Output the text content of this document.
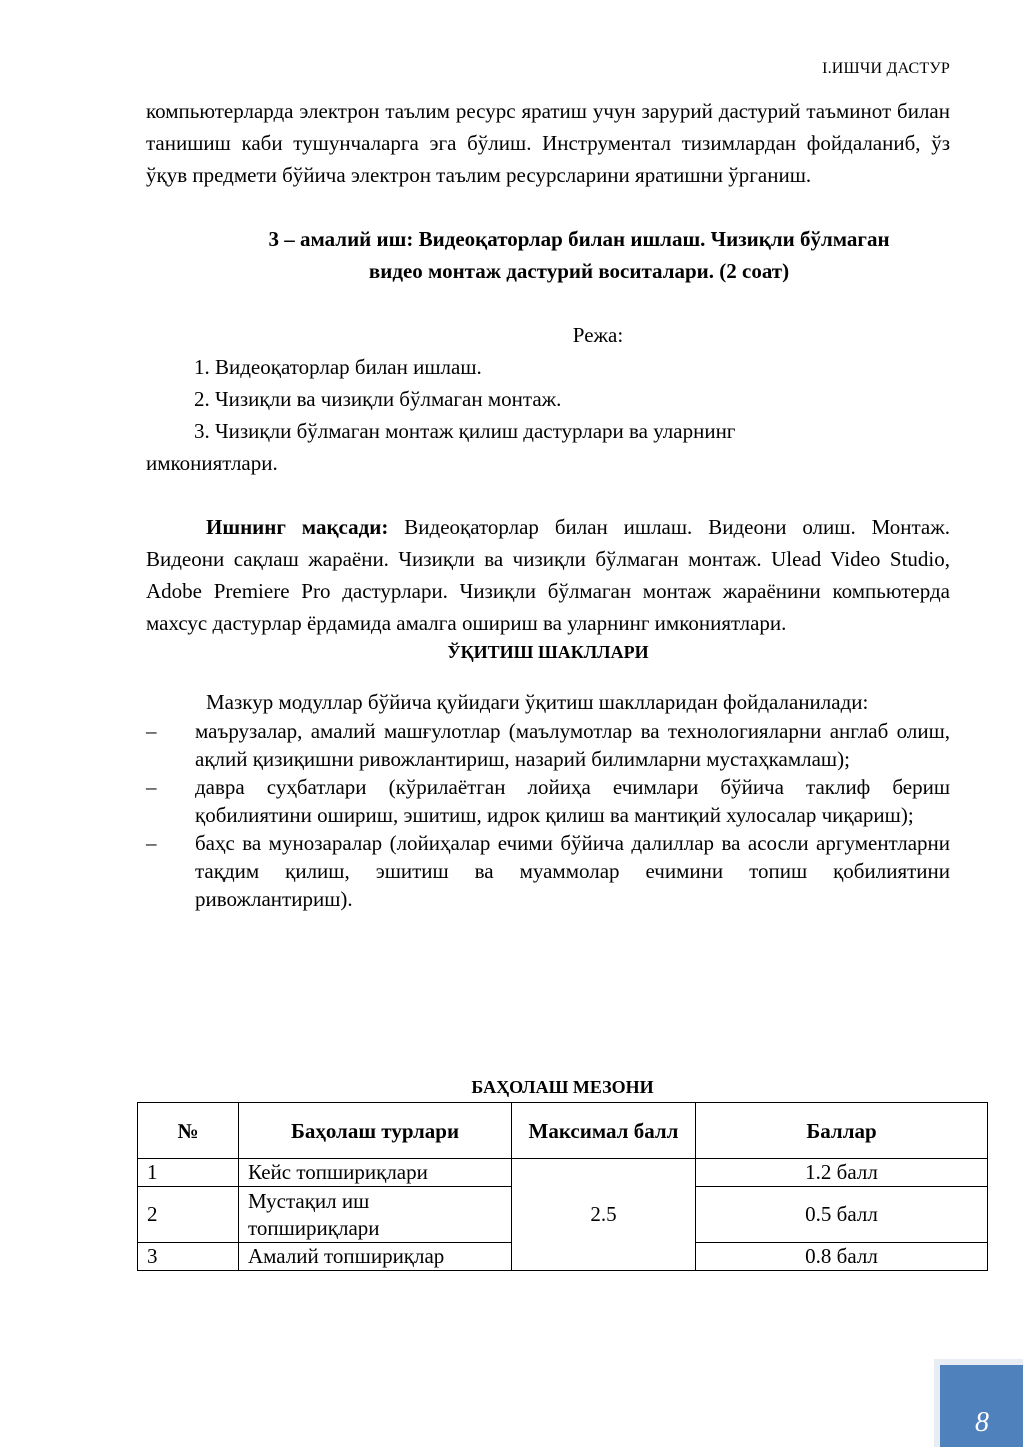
I.ИШЧИ ДАСТУР

компьютерларда электрон таълим ресурс яратиш учун зарурий дастурий таъминот билан танишиш каби тушунчаларга эга бўлиш. Инструментал тизимлардан фойдаланиб, ўз ўқув предмети бўйича электрон таълим ресурсларини яратишни ўрганиш.

3 – амалий иш: Видеоқаторлар билан ишлаш. Чизиқли бўлмаган
видео монтаж дастурий воситалари. (2 соат)

Режа:

1. Видеоқаторлар билан ишлаш.

2. Чизиқли ва чизиқли бўлмаган монтаж.

3. Чизиқли бўлмаган монтаж қилиш дастурлари ва уларнинг

имкониятлари.

Ишнинг мақсади: Видеоқаторлар билан ишлаш. Видеони олиш. Монтаж. Видеони сақлаш жараёни. Чизиқли ва чизиқли бўлмаган монтаж. Ulead Video Studio, Adobe Premiere Pro дастурлари. Чизиқли бўлмаган монтаж жараёнини компьютерда махсус дастурлар ёрдамида амалга ошириш ва уларнинг имкониятлари.

ЎҚИТИШ ШАКЛЛАРИ

Мазкур модуллар бўйича қуйидаги ўқитиш шаклларидан фойдаланилади:

– маърузалар, амалий машғулотлар (маълумотлар ва технологияларни англаб олиш, ақлий қизиқишни ривожлантириш, назарий билимларни мустаҳкамлаш);
– давра суҳбатлари (кўрилаётган лойиҳа ечимлари бўйича таклиф бериш қобилиятини ошириш, эшитиш, идрок қилиш ва мантиқий хулосалар чиқариш);
– баҳс ва мунозаралар (лойиҳалар ечими бўйича далиллар ва асосли аргументларни тақдим қилиш, эшитиш ва муаммолар ечимини топиш қобилиятини ривожлантириш).
БАҲОЛАШ МЕЗОНИ
№	Баҳолаш турлари	Максимал балл	Баллар
1	Кейс топшириқлари	2.5	1.2 балл
2	Мустақил иш топшириқлари		0.5 балл
3	Амалий топшириқлар		0.8 балл
8
